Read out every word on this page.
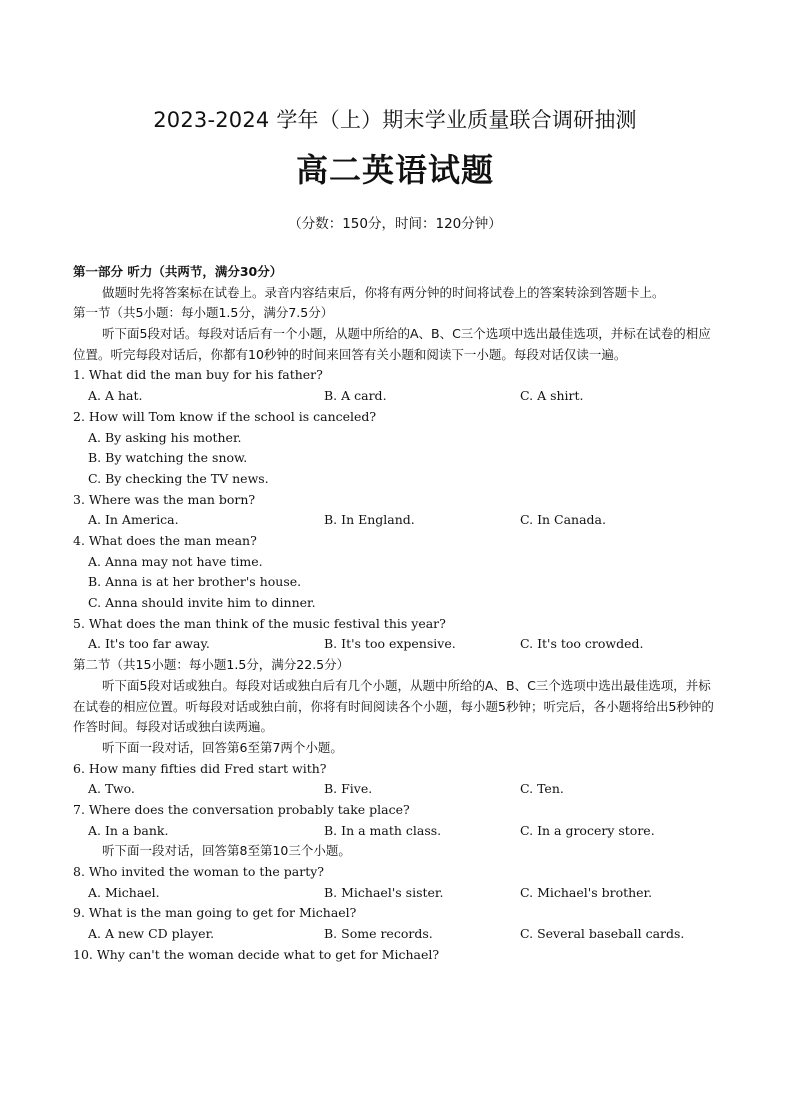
2023-2024 学年（上）期末学业质量联合调研抽测
高二英语试题
（分数：150分，时间：120分钟）
第一部分 听力（共两节，满分30分）
做题时先将答案标在试卷上。录音内容结束后，你将有两分钟的时间将试卷上的答案转涂到答题卡上。
第一节（共5小题：每小题1.5分，满分7.5分）
听下面5段对话。每段对话后有一个小题，从题中所给的A、B、C三个选项中选出最佳选项，并标在试卷的相应位置。听完每段对话后，你都有10秒钟的时间来回答有关小题和阅读下一小题。每段对话仅读一遍。
1. What did the man buy for his father?
A. A hat.	B. A card.	C. A shirt.
2. How will Tom know if the school is canceled?
A. By asking his mother.
B. By watching the snow.
C. By checking the TV news.
3. Where was the man born?
A. In America.	B. In England.	C. In Canada.
4. What does the man mean?
A. Anna may not have time.
B. Anna is at her brother's house.
C. Anna should invite him to dinner.
5. What does the man think of the music festival this year?
A. It's too far away.	B. It's too expensive.	C. It's too crowded.
第二节（共15小题：每小题1.5分，满分22.5分）
听下面5段对话或独白。每段对话或独白后有几个小题，从题中所给的A、B、C三个选项中选出最佳选项，并标在试卷的相应位置。听每段对话或独白前，你将有时间阅读各个小题，每小题5秒钟；听完后，各小题将给出5秒钟的作答时间。每段对话或独白读两遍。
听下面一段对话，回答第6至第7两个小题。
6. How many fifties did Fred start with?
A. Two.	B. Five.	C. Ten.
7. Where does the conversation probably take place?
A. In a bank.	B. In a math class.	C. In a grocery store.
听下面一段对话，回答第8至第10三个小题。
8. Who invited the woman to the party?
A. Michael.	B. Michael's sister.	C. Michael's brother.
9. What is the man going to get for Michael?
A. A new CD player.	B. Some records.	C. Several baseball cards.
10. Why can't the woman decide what to get for Michael?
